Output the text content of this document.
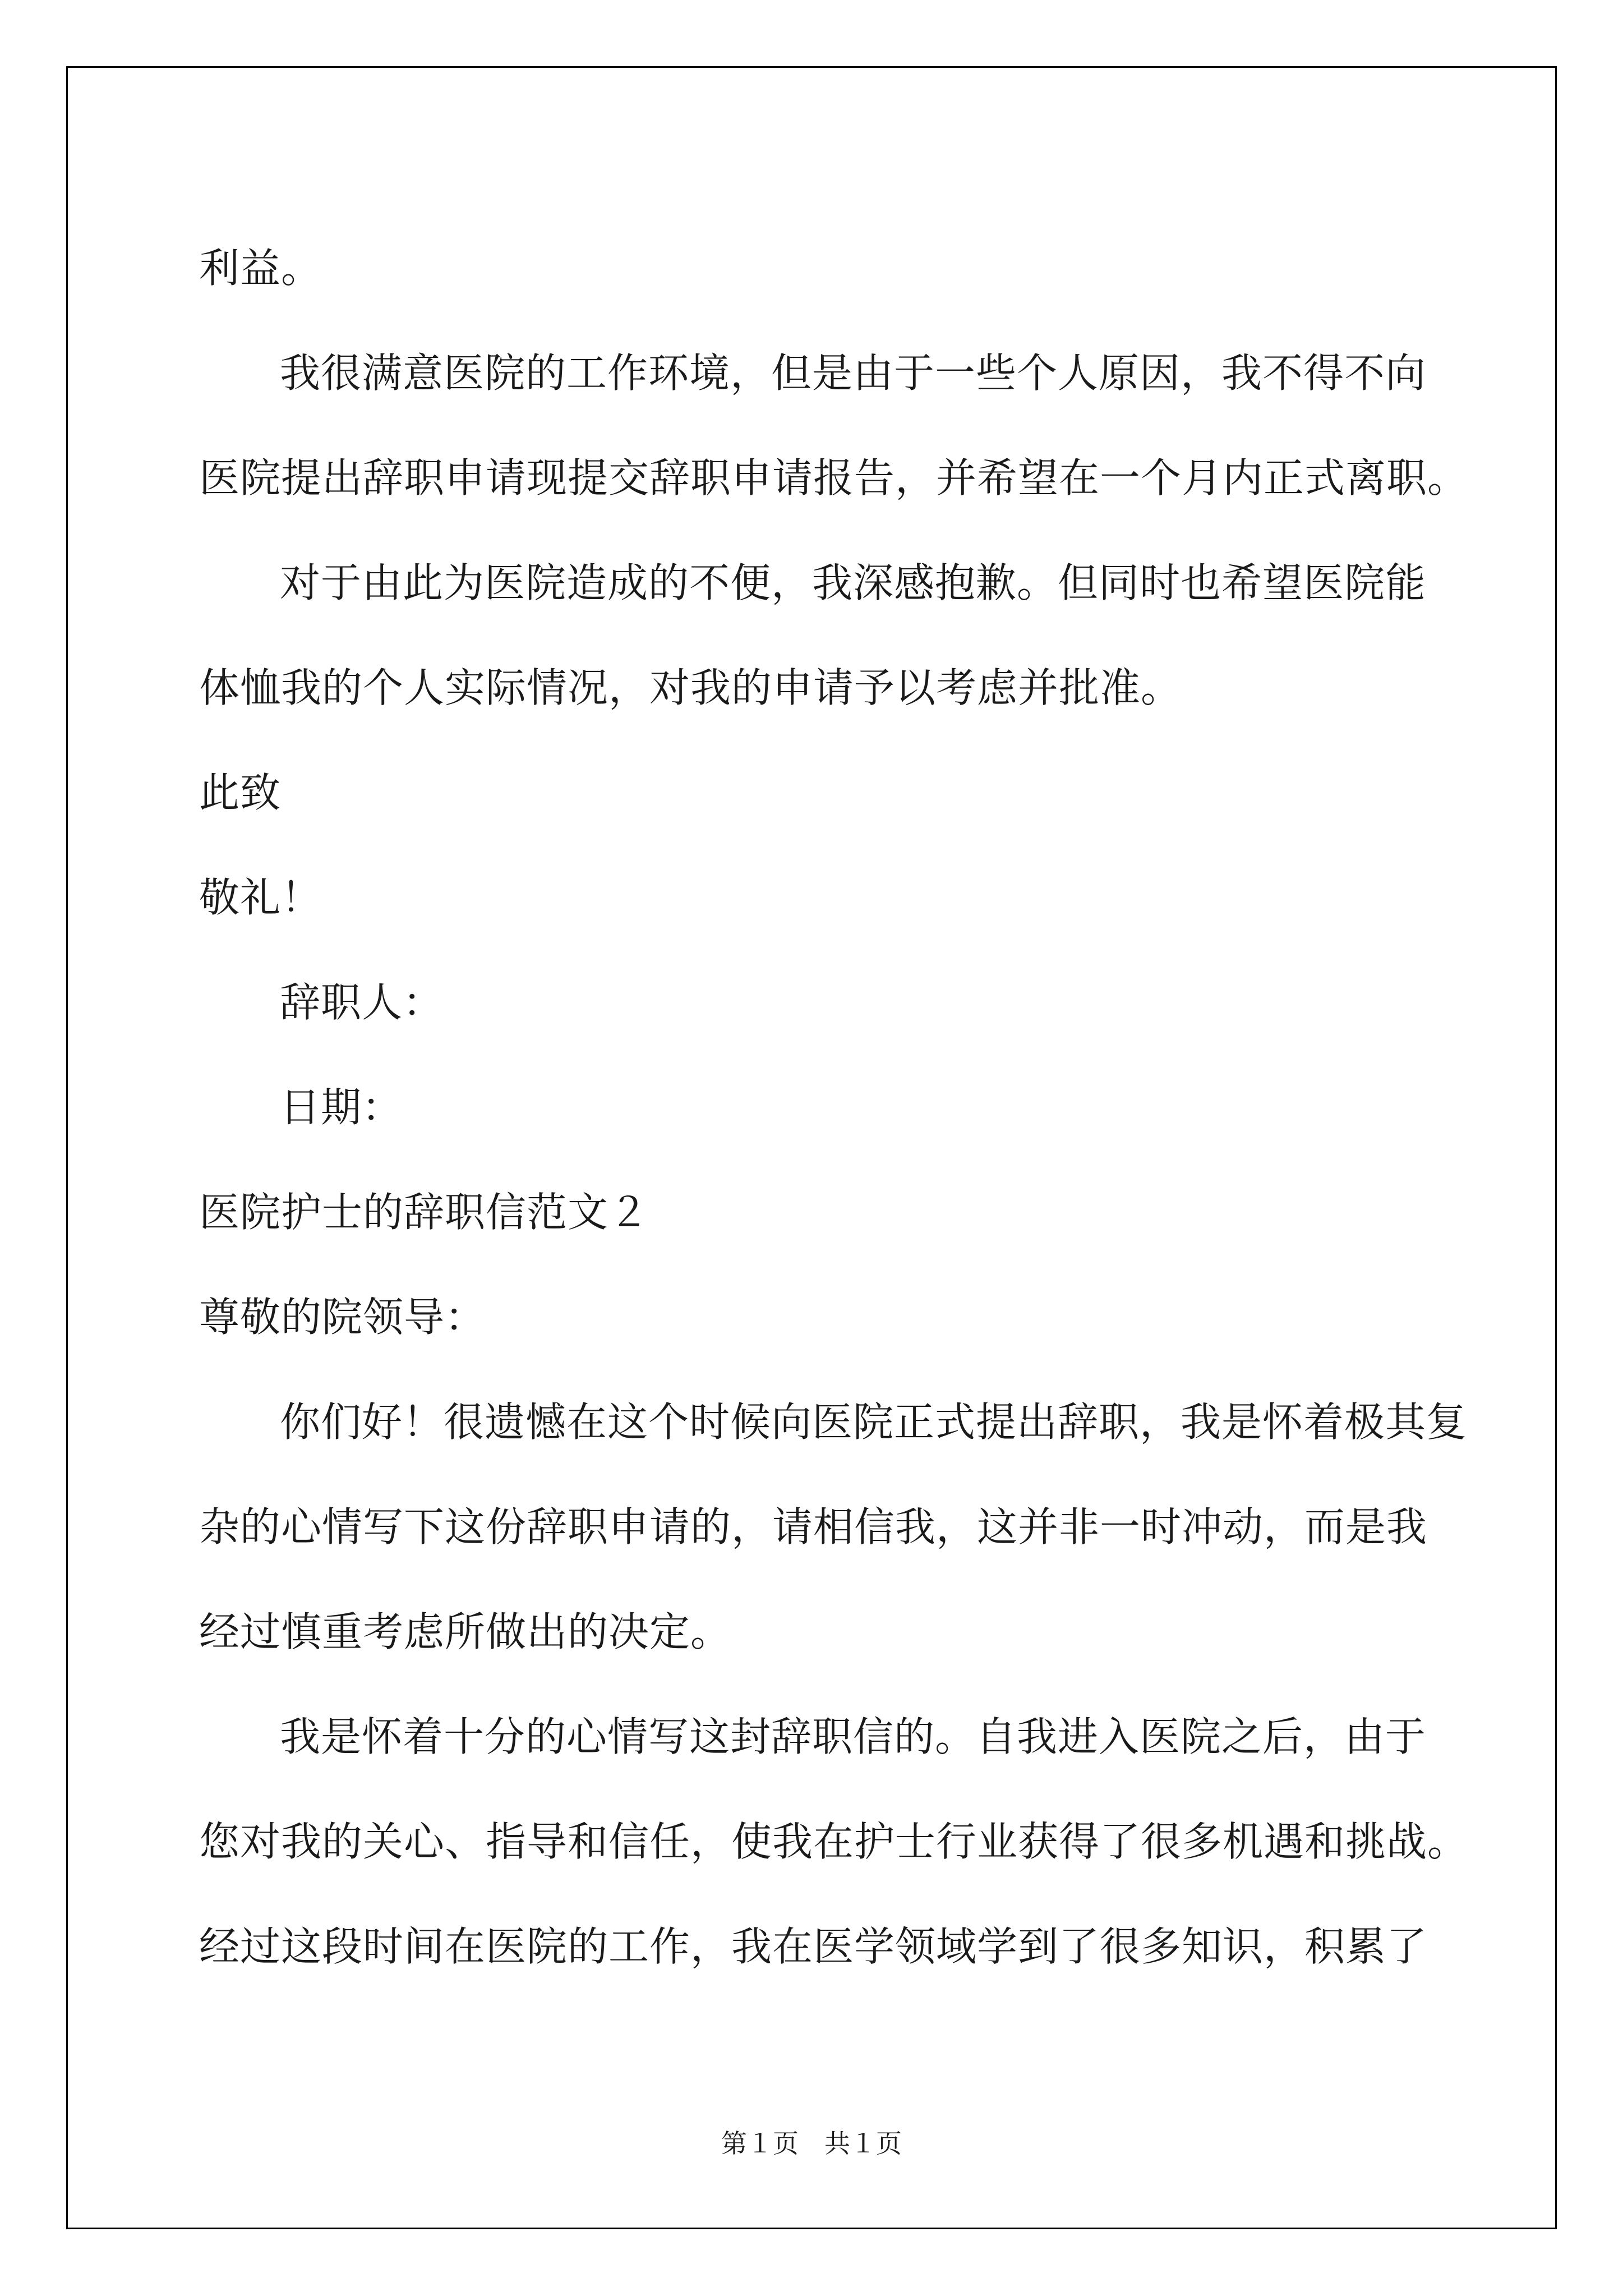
利益。

我很满意医院的工作环境，但是由于一些个人原因，我不得不向

医院提出辞职申请现提交辞职申请报告，并希望在一个月内正式离职。

对于由此为医院造成的不便，我深感抱歉。但同时也希望医院能

体恤我的个人实际情况，对我的申请予以考虑并批准。

此致

敬礼！

辞职人：

日期：

医院护士的辞职信范文２

尊敬的院领导：

你们好！很遗憾在这个时候向医院正式提出辞职，我是怀着极其复

杂的心情写下这份辞职申请的，请相信我，这并非一时冲动，而是我

经过慎重考虑所做出的决定。

我是怀着十分的心情写这封辞职信的。自我进入医院之后，由于

您对我的关心、指导和信任，使我在护士行业获得了很多机遇和挑战。

经过这段时间在医院的工作，我在医学领域学到了很多知识，积累了

第１页　共１页
